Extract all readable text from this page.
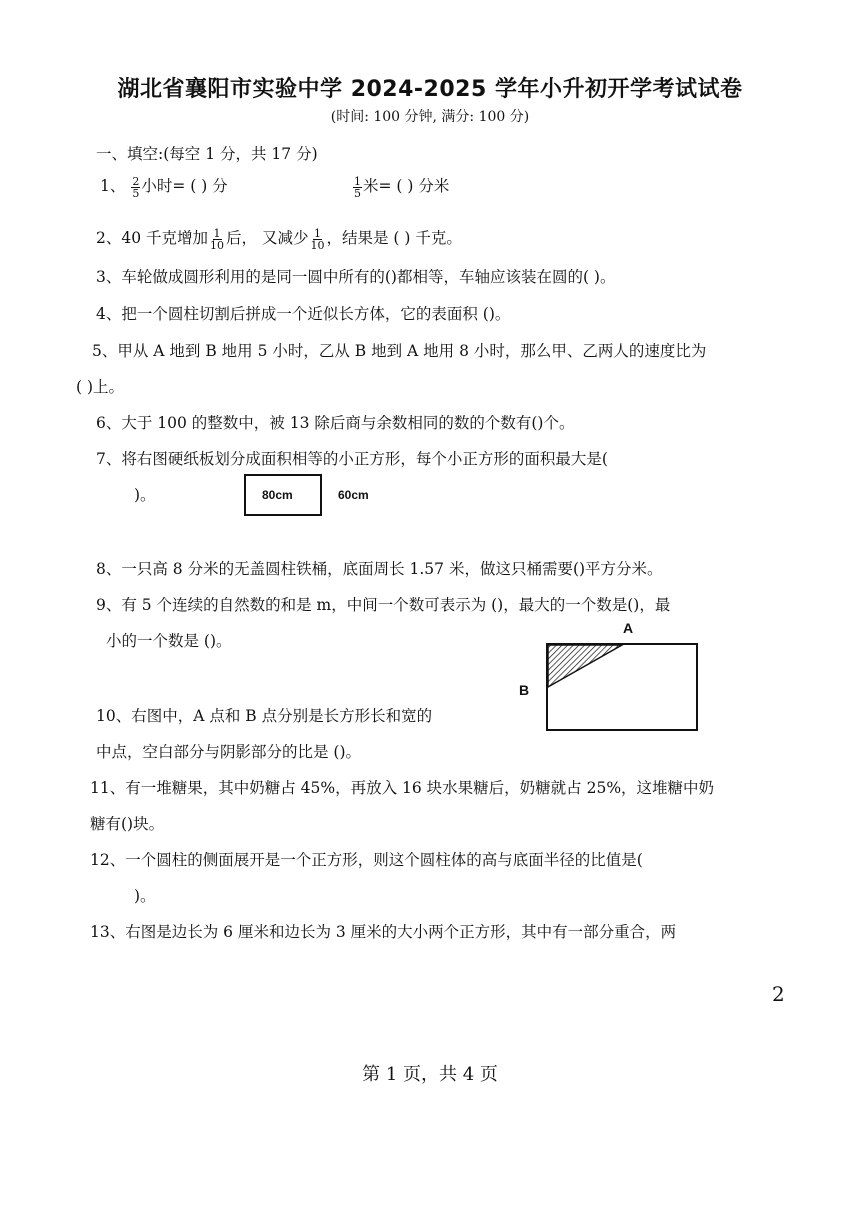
湖北省襄阳市实验中学 2024-2025 学年小升初开学考试试卷
(时间: 100 分钟, 满分: 100 分)
一、填空:(每空 1 分，共 17 分)
1、 $\frac{2}{5}$ 小时= ( ) 分	$\frac{1}{5}$ 米= ( ) 分米
2、40 千克增加 $\frac{1}{10}$ 后， 又减少 $\frac{1}{10}$ ，结果是 ( ) 千克。
3、车轮做成圆形利用的是同一圆中所有的()都相等，车轴应该装在圆的( )。
4、把一个圆柱切割后拼成一个近似长方体，它的表面积 ()。
5、甲从 A 地到 B 地用 5 小时，乙从 B 地到 A 地用 8 小时，那么甲、乙两人的速度比为
( )上。
6、大于 100 的整数中，被 13 除后商与余数相同的数的个数有()个。
7、将右图硬纸板划分成面积相等的小正方形，每个小正方形的面积最大是(
)。	80cm	60cm
8、一只高 8 分米的无盖圆柱铁桶，底面周长 1.57 米，做这只桶需要()平方分米。
9、有 5 个连续的自然数的和是 m，中间一个数可表示为 ()，最大的一个数是()，最
小的一个数是 ()。
A
B
10、右图中，A 点和 B 点分别是长方形长和宽的
中点，空白部分与阴影部分的比是 ()。
11、有一堆糖果，其中奶糖占 45%，再放入 16 块水果糖后，奶糖就占 25%，这堆糖中奶
糖有()块。
12、一个圆柱的侧面展开是一个正方形，则这个圆柱体的高与底面半径的比值是(
)。
13、右图是边长为 6 厘米和边长为 3 厘米的大小两个正方形，其中有一部分重合，两
2
第 1 页，共 4 页
